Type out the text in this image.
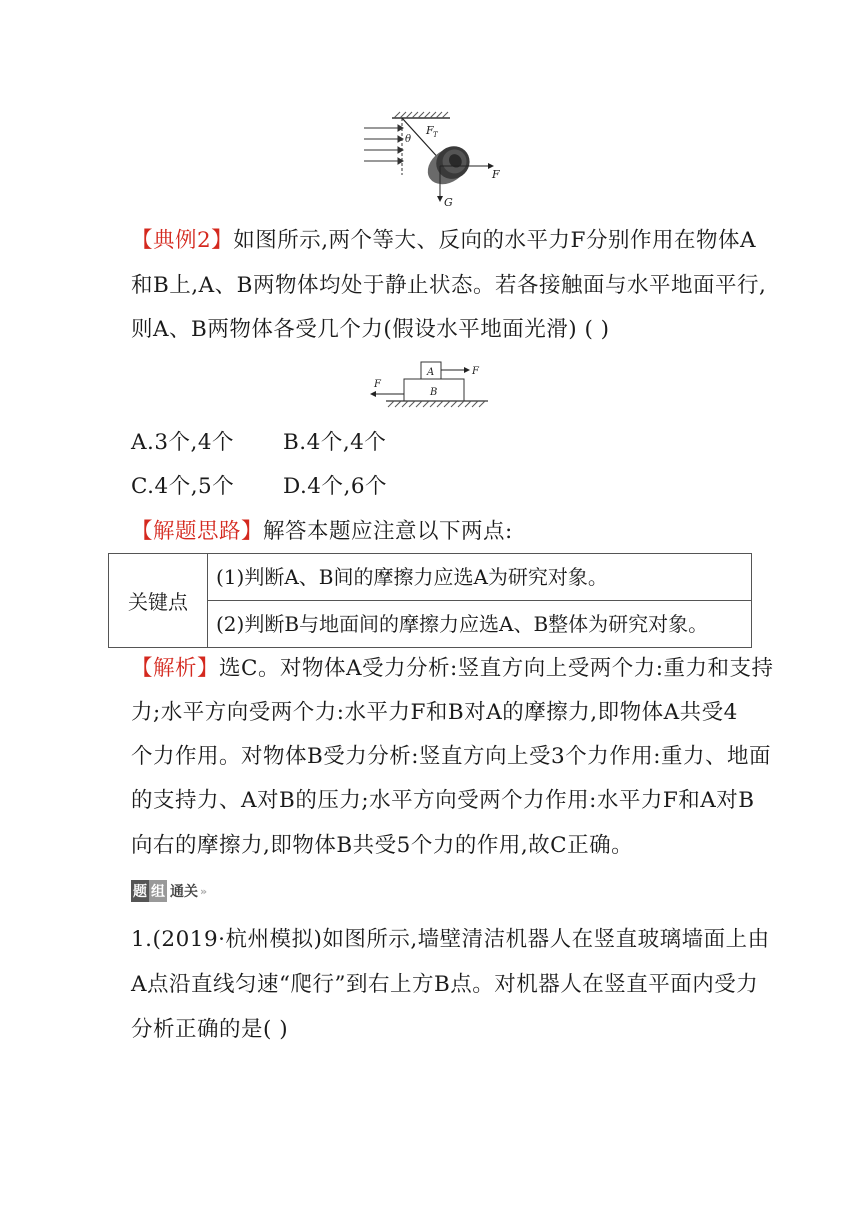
θ
F T
F
G
【典例2】如图所示,两个等大、反向的水平力F分别作用在物体A
和B上,A、B两物体均处于静止状态。若各接触面与水平地面平行,
则A、B两物体各受几个力(假设水平地面光滑) ( )
A
B
F
F
A.3个,4个 B.4个,4个
C.4个,5个 D.4个,6个
【解题思路】解答本题应注意以下两点:
关键点	
(1)判断A、B间的摩擦力应选A为研究对象。

(2)判断B与地面间的摩擦力应选A、B整体为研究对象。
【解析】选C。对物体A受力分析:竖直方向上受两个力:重力和支持
力;水平方向受两个力:水平力F和B对A的摩擦力,即物体A共受4
个力作用。对物体B受力分析:竖直方向上受3个力作用:重力、地面
的支持力、A对B的压力;水平方向受两个力作用:水平力F和A对B
向右的摩擦力,即物体B共受5个力的作用,故C正确。
题 组 通 关 »
1.(2019·杭州模拟)如图所示,墙壁清洁机器人在竖直玻璃墙面上由
A点沿直线匀速“爬行”到右上方B点。对机器人在竖直平面内受力
分析正确的是( )
